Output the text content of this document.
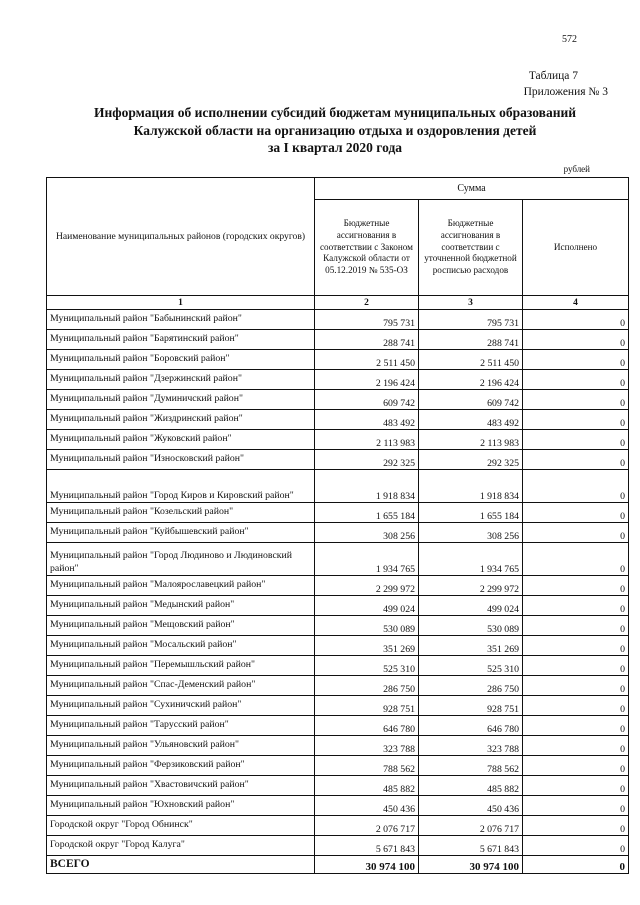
572
Таблица 7
Приложения № 3
Информация об исполнении субсидий бюджетам муниципальных образований
Калужской области на организацию отдыха и оздоровления детей
за I квартал 2020 года
рублей
Наименование муниципальных районов (городских округов)	Сумма		
	Бюджетные ассигнования в соответствии с Законом Калужской области от 05.12.2019 № 535-ОЗ	Бюджетные ассигнования в соответствии с уточненной бюджетной росписью расходов	Исполнено
1	2	3	4
Муниципальный район "Бабынинский район"	795 731	795 731	0
Муниципальный район "Барятинский район"	288 741	288 741	0
Муниципальный район "Боровский район"	2 511 450	2 511 450	0
Муниципальный район "Дзержинский район"	2 196 424	2 196 424	0
Муниципальный район "Думиничский район"	609 742	609 742	0
Муниципальный район "Жиздринский район"	483 492	483 492	0
Муниципальный район "Жуковский район"	2 113 983	2 113 983	0
Муниципальный район "Износковский район"	292 325	292 325	0
Муниципальный район "Город Киров и Кировский район"	1 918 834	1 918 834	0
Муниципальный район "Козельский район"	1 655 184	1 655 184	0
Муниципальный район "Куйбышевский район"	308 256	308 256	0
Муниципальный район "Город Людиново и Людиновский район"	1 934 765	1 934 765	0
Муниципальный район "Малоярославецкий район"	2 299 972	2 299 972	0
Муниципальный район "Медынский район"	499 024	499 024	0
Муниципальный район "Мещовский район"	530 089	530 089	0
Муниципальный район "Мосальский район"	351 269	351 269	0
Муниципальный район "Перемышльский район"	525 310	525 310	0
Муниципальный район "Спас-Деменский район"	286 750	286 750	0
Муниципальный район "Сухиничский район"	928 751	928 751	0
Муниципальный район "Тарусский район"	646 780	646 780	0
Муниципальный район "Ульяновский район"	323 788	323 788	0
Муниципальный район "Ферзиковский район"	788 562	788 562	0
Муниципальный район "Хвастовичский район"	485 882	485 882	0
Муниципальный район "Юхновский район"	450 436	450 436	0
Городской округ "Город Обнинск"	2 076 717	2 076 717	0
Городской округ "Город Калуга"	5 671 843	5 671 843	0
ВСЕГО	30 974 100	30 974 100	0
